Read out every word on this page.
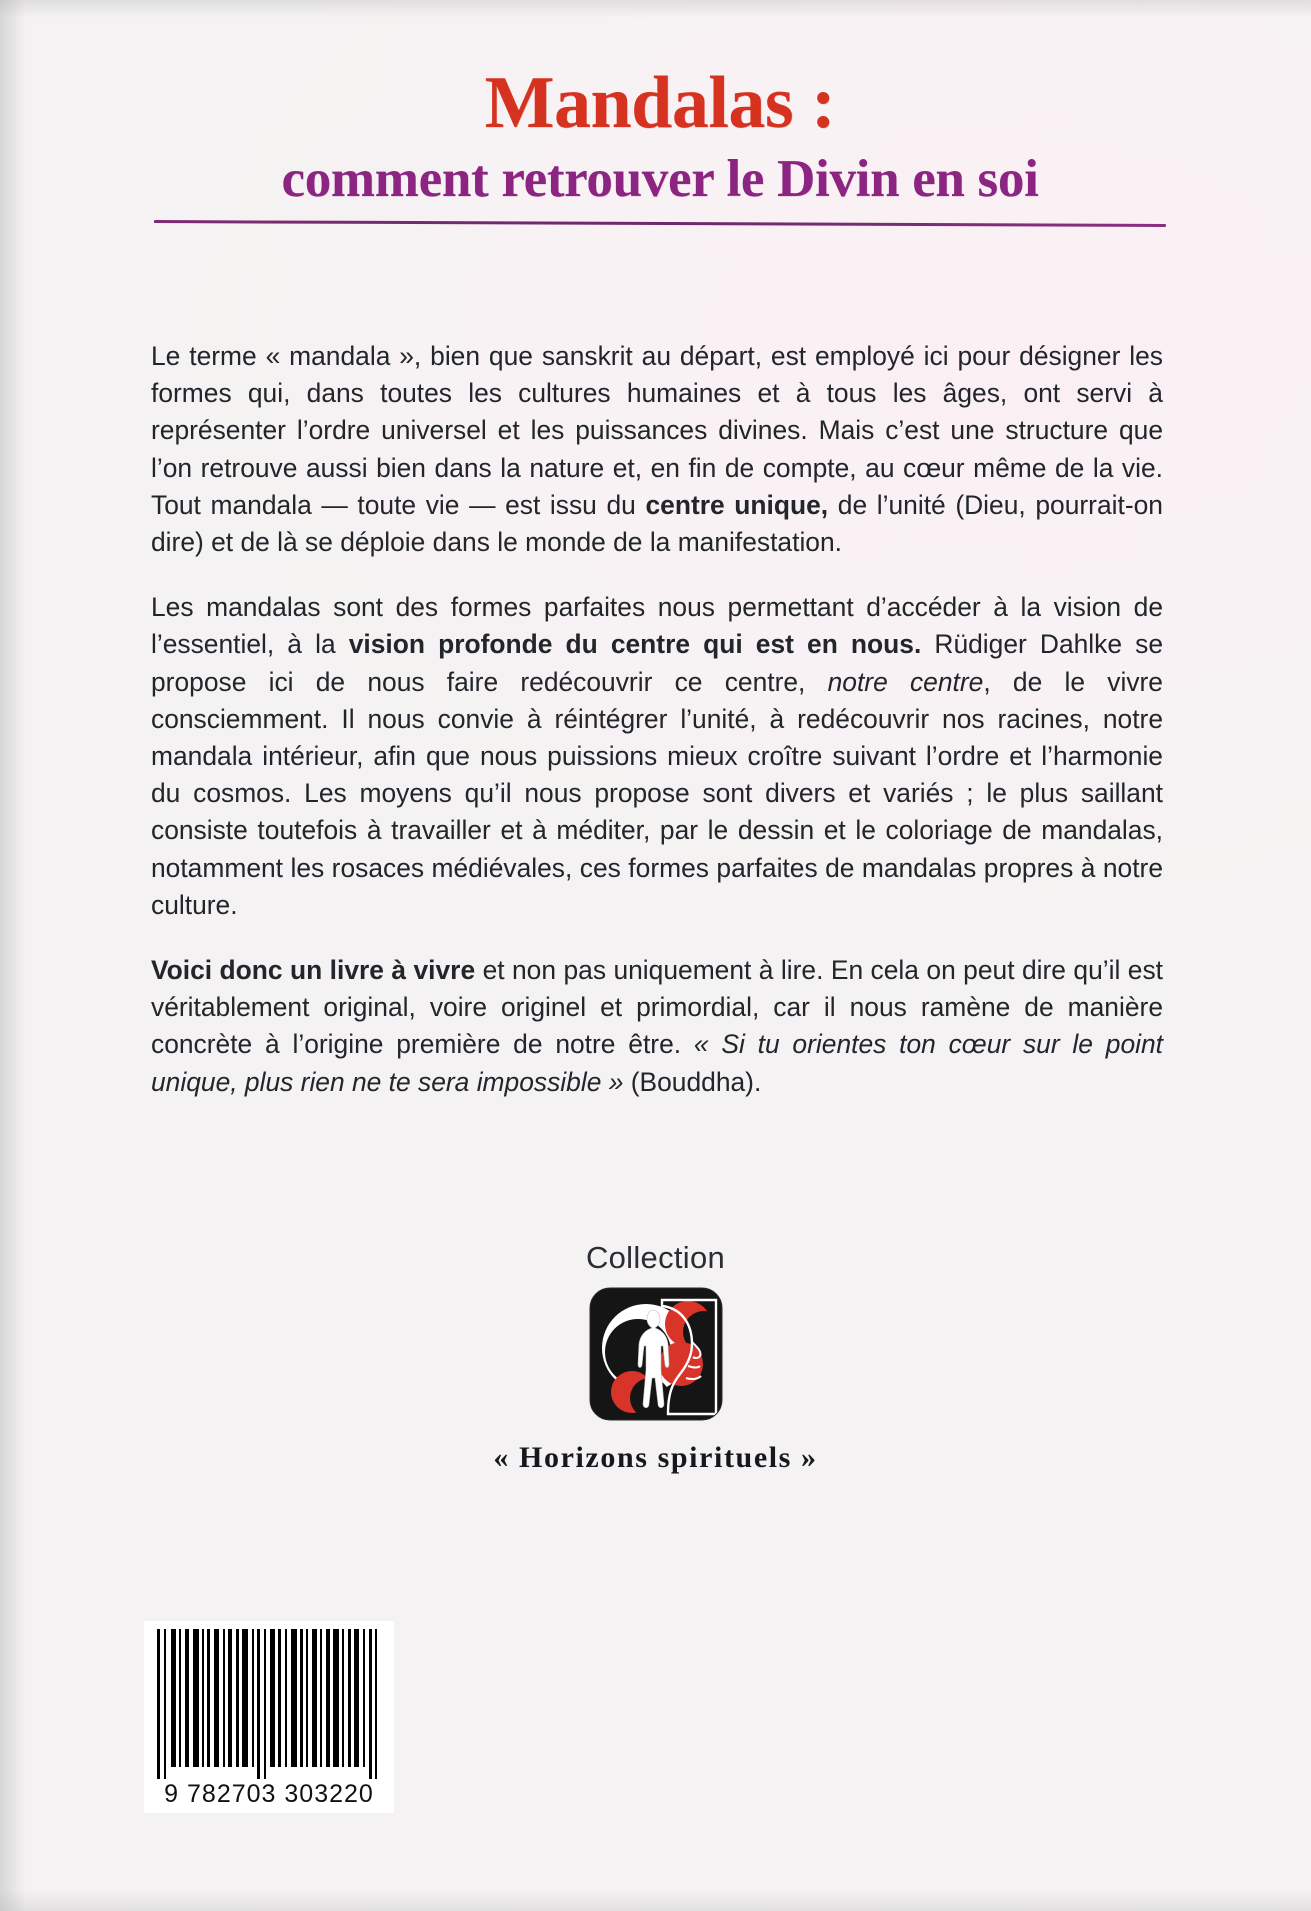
Mandalas :
comment retrouver le Divin en soi

Le terme « mandala », bien que sanskrit au départ, est employé ici pour désigner les formes qui, dans toutes les cultures humaines et à tous les âges, ont servi à représenter l’ordre universel et les puissances divines. Mais c’est une structure que l’on retrouve aussi bien dans la nature et, en fin de compte, au cœur même de la vie. Tout mandala — toute vie — est issu du centre unique, de l’unité (Dieu, pourrait-on dire) et de là se déploie dans le monde de la manifestation.

Les mandalas sont des formes parfaites nous permettant d’accéder à la vision de l’essentiel, à la vision profonde du centre qui est en nous. Rüdiger Dahlke se propose ici de nous faire redécouvrir ce centre, notre centre, de le vivre consciemment. Il nous convie à réintégrer l’unité, à redécouvrir nos racines, notre mandala intérieur, afin que nous puissions mieux croître suivant l’ordre et l’harmonie du cosmos. Les moyens qu’il nous propose sont divers et variés ; le plus saillant consiste toutefois à travailler et à méditer, par le dessin et le coloriage de mandalas, notamment les rosaces médiévales, ces formes parfaites de mandalas propres à notre culture.

Voici donc un livre à vivre et non pas uniquement à lire. En cela on peut dire qu’il est véritablement original, voire originel et primordial, car il nous ramène de manière concrète à l’origine première de notre être. « Si tu orientes ton cœur sur le point unique, plus rien ne te sera impossible » (Bouddha).

Collection
« Horizons spirituels »
9 782703 303220
